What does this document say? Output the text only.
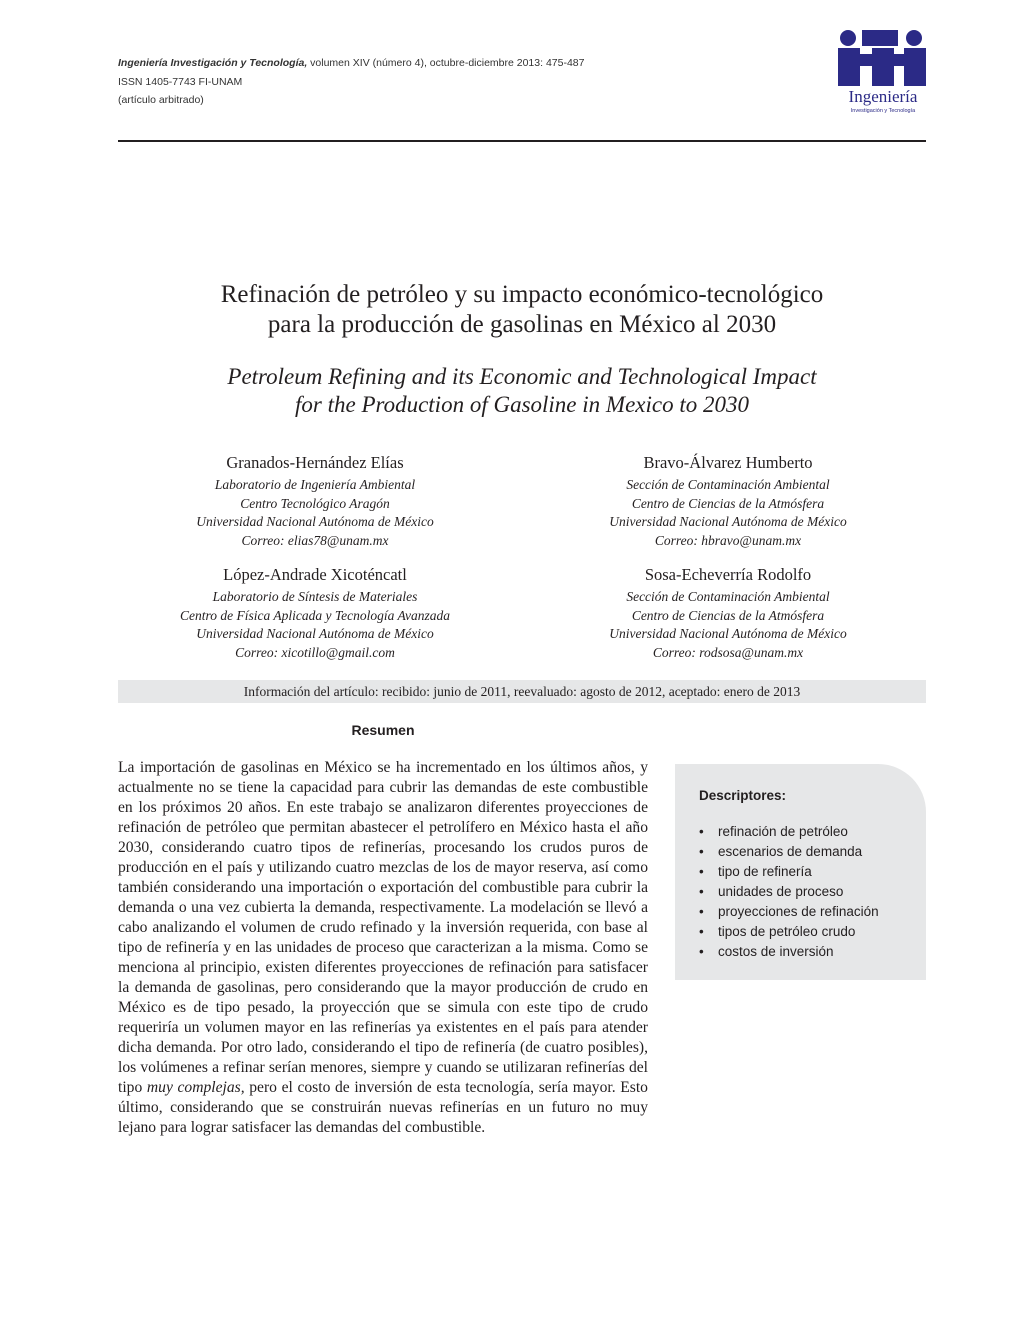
Ingeniería Investigación y Tecnología, volumen XIV (número 4), octubre-diciembre 2013: 475-487
ISSN 1405-7743 FI-UNAM
(artículo arbitrado)	Ingeniería
Investigación y Tecnología
Refinación de petróleo y su impacto económico-tecnológico
para la producción de gasolinas en México al 2030
Petroleum Refining and its Economic and Technological Impact
for the Production of Gasoline in Mexico to 2030
Granados-Hernández Elías
Laboratorio de Ingeniería Ambiental
Centro Tecnológico Aragón
Universidad Nacional Autónoma de México
Correo: elias78@unam.mx
Bravo-Álvarez Humberto
Sección de Contaminación Ambiental
Centro de Ciencias de la Atmósfera
Universidad Nacional Autónoma de México
Correo: hbravo@unam.mx
López-Andrade Xicoténcatl
Laboratorio de Síntesis de Materiales
Centro de Física Aplicada y Tecnología Avanzada
Universidad Nacional Autónoma de México
Correo: xicotillo@gmail.com
Sosa-Echeverría Rodolfo
Sección de Contaminación Ambiental
Centro de Ciencias de la Atmósfera
Universidad Nacional Autónoma de México
Correo: rodsosa@unam.mx
Información del artículo: recibido: junio de 2011, reevaluado: agosto de 2012, aceptado: enero de 2013
Resumen

La importación de gasolinas en México se ha incrementado en los últimos años, y actualmente no se tiene la capacidad para cubrir las demandas de este combustible en los próximos 20 años. En este trabajo se analizaron diferentes proyecciones de refinación de petróleo que permitan abastecer el petrolífero en México hasta el año 2030, considerando cuatro tipos de refinerías, procesando los crudos puros de producción en el país y utilizando cuatro mezclas de los de mayor reserva, así como también considerando una importación o exportación del combustible para cubrir la demanda o una vez cubierta la demanda, respectivamente. La modelación se llevó a cabo analizando el volumen de crudo refinado y la inversión requerida, con base al tipo de refinería y en las unidades de proceso que caracterizan a la misma. Como se menciona al principio, existen diferentes proyecciones de refinación para satisfacer la demanda de gasolinas, pero considerando que la mayor producción de crudo en México es de tipo pesado, la proyección que se simula con este tipo de crudo requeriría un volumen mayor en las refinerías ya existentes en el país para atender dicha demanda. Por otro lado, considerando el tipo de refinería (de cuatro posibles), los volúmenes a refinar serían menores, siempre y cuando se utilizaran refinerías del tipo muy complejas, pero el costo de inversión de esta tecnología, sería mayor. Esto último, considerando que se construirán nuevas refinerías en un futuro no muy lejano para lograr satisfacer las demandas del combustible.

Descriptores:
• refinación de petróleo
• escenarios de demanda
• tipo de refinería
• unidades de proceso
• proyecciones de refinación
• tipos de petróleo crudo
• costos de inversión
